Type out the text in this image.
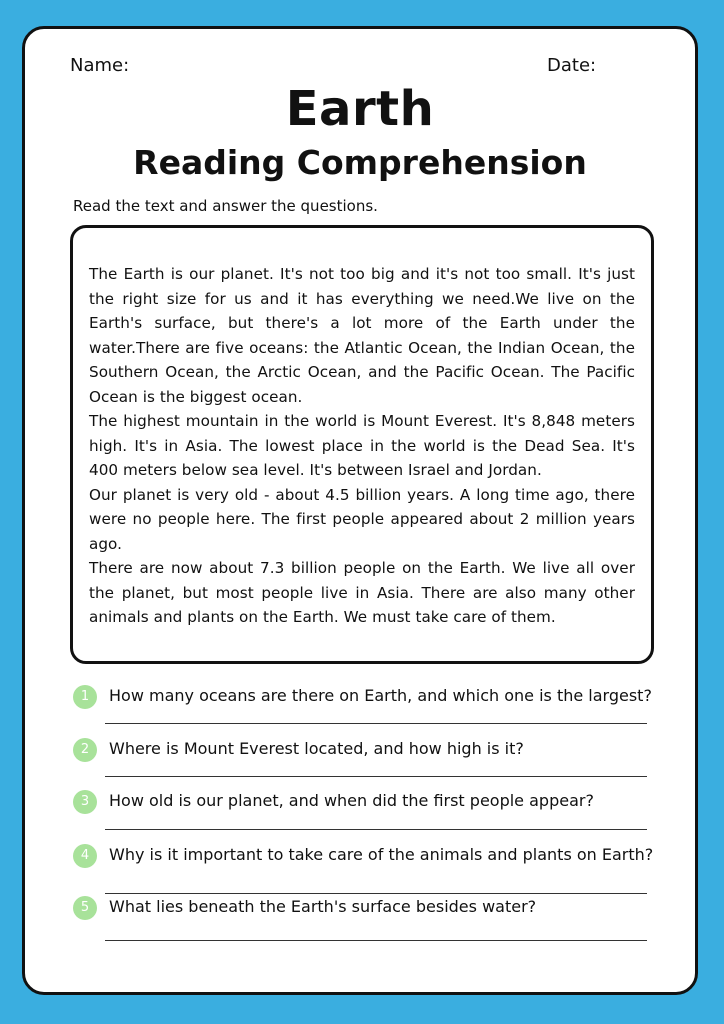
Name:	Date:
Earth
Reading Comprehension
Read the text and answer the questions.

The Earth is our planet. It's not too big and it's not too small. It's just the right size for us and it has everything we need.We live on the Earth's surface, but there's a lot more of the Earth under the water.There are five oceans: the Atlantic Ocean, the Indian Ocean, the Southern Ocean, the Arctic Ocean, and the Pacific Ocean. The Pacific Ocean is the biggest ocean.

The highest mountain in the world is Mount Everest. It's 8,848 meters high. It's in Asia. The lowest place in the world is the Dead Sea. It's 400 meters below sea level. It's between Israel and Jordan.

Our planet is very old - about 4.5 billion years. A long time ago, there were no people here. The first people appeared about 2 million years ago.

There are now about 7.3 billion people on the Earth. We live all over the planet, but most people live in Asia. There are also many other animals and plants on the Earth. We must take care of them.

1	How many oceans are there on Earth, and which one is the largest?
2	Where is Mount Everest located, and how high is it?
3	How old is our planet, and when did the first people appear?
4	Why is it important to take care of the animals and plants on Earth?
5	What lies beneath the Earth's surface besides water?
